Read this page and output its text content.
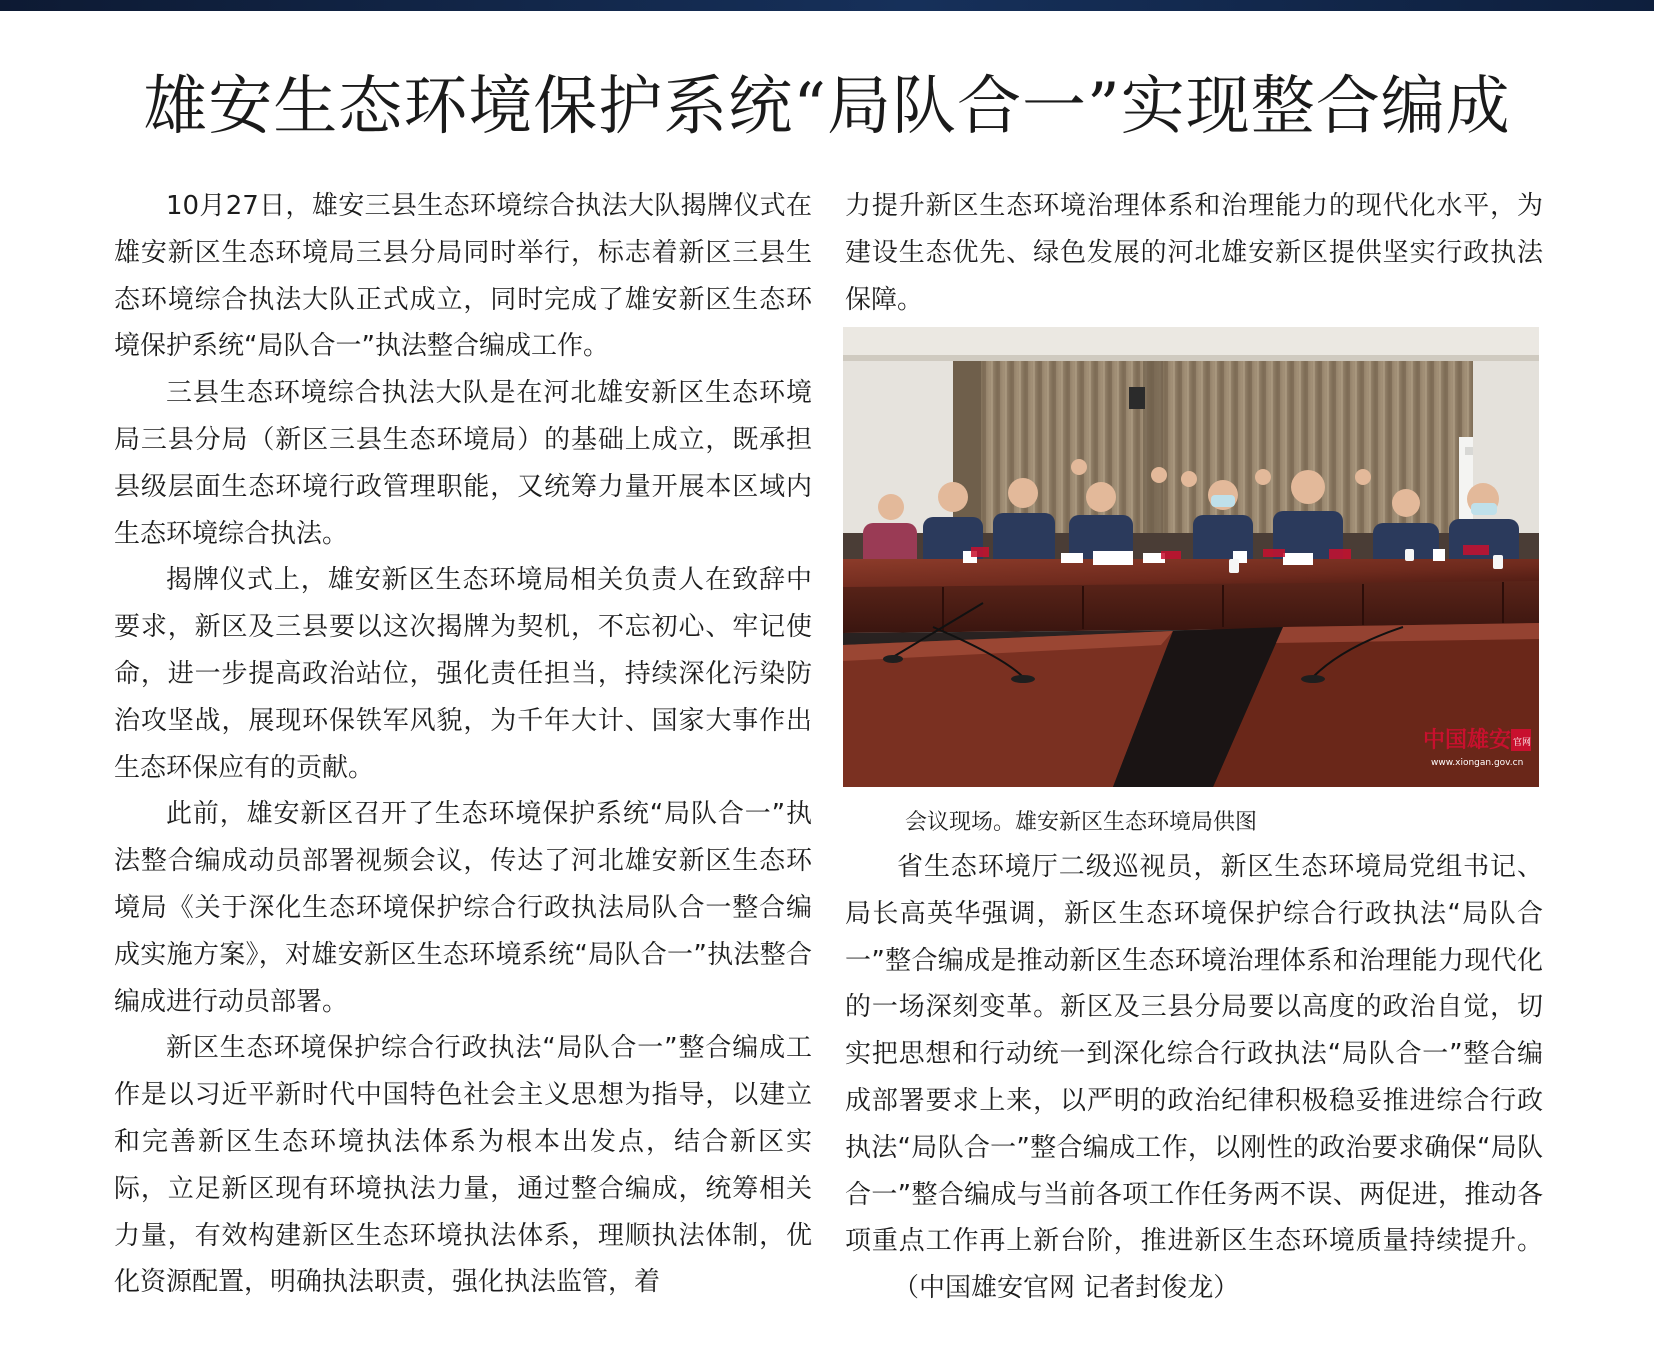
雄安生态环境保护系统“局队合一”实现整合编成

10月27日，雄安三县生态环境综合执法大队揭牌仪式在雄安新区生态环境局三县分局同时举行，标志着新区三县生态环境综合执法大队正式成立，同时完成了雄安新区生态环境保护系统“局队合一”执法整合编成工作。

三县生态环境综合执法大队是在河北雄安新区生态环境局三县分局（新区三县生态环境局）的基础上成立，既承担县级层面生态环境行政管理职能，又统筹力量开展本区域内生态环境综合执法。

揭牌仪式上，雄安新区生态环境局相关负责人在致辞中要求，新区及三县要以这次揭牌为契机，不忘初心、牢记使命，进一步提高政治站位，强化责任担当，持续深化污染防治攻坚战，展现环保铁军风貌，为千年大计、国家大事作出生态环保应有的贡献。

此前，雄安新区召开了生态环境保护系统“局队合一”执法整合编成动员部署视频会议，传达了河北雄安新区生态环境局《关于深化生态环境保护综合行政执法局队合一整合编成实施方案》，对雄安新区生态环境系统“局队合一”执法整合编成进行动员部署。

新区生态环境保护综合行政执法“局队合一”整合编成工作是以习近平新时代中国特色社会主义思想为指导，以建立和完善新区生态环境执法体系为根本出发点，结合新区实际，立足新区现有环境执法力量，通过整合编成，统筹相关力量，有效构建新区生态环境执法体系，理顺执法体制，优化资源配置，明确执法职责，强化执法监管，着

力提升新区生态环境治理体系和治理能力的现代化水平，为建设生态优先、绿色发展的河北雄安新区提供坚实行政执法保障。

中国雄安 官网
www.xiongan.gov.cn
会议现场。雄安新区生态环境局供图

省生态环境厅二级巡视员，新区生态环境局党组书记、局长高英华强调，新区生态环境保护综合行政执法“局队合一”整合编成是推动新区生态环境治理体系和治理能力现代化的一场深刻变革。新区及三县分局要以高度的政治自觉，切实把思想和行动统一到深化综合行政执法“局队合一”整合编成部署要求上来，以严明的政治纪律积极稳妥推进综合行政执法“局队合一”整合编成工作，以刚性的政治要求确保“局队合一”整合编成与当前各项工作任务两不误、两促进，推动各项重点工作再上新台阶，推进新区生态环境质量持续提升。（中国雄安官网 记者封俊龙）
